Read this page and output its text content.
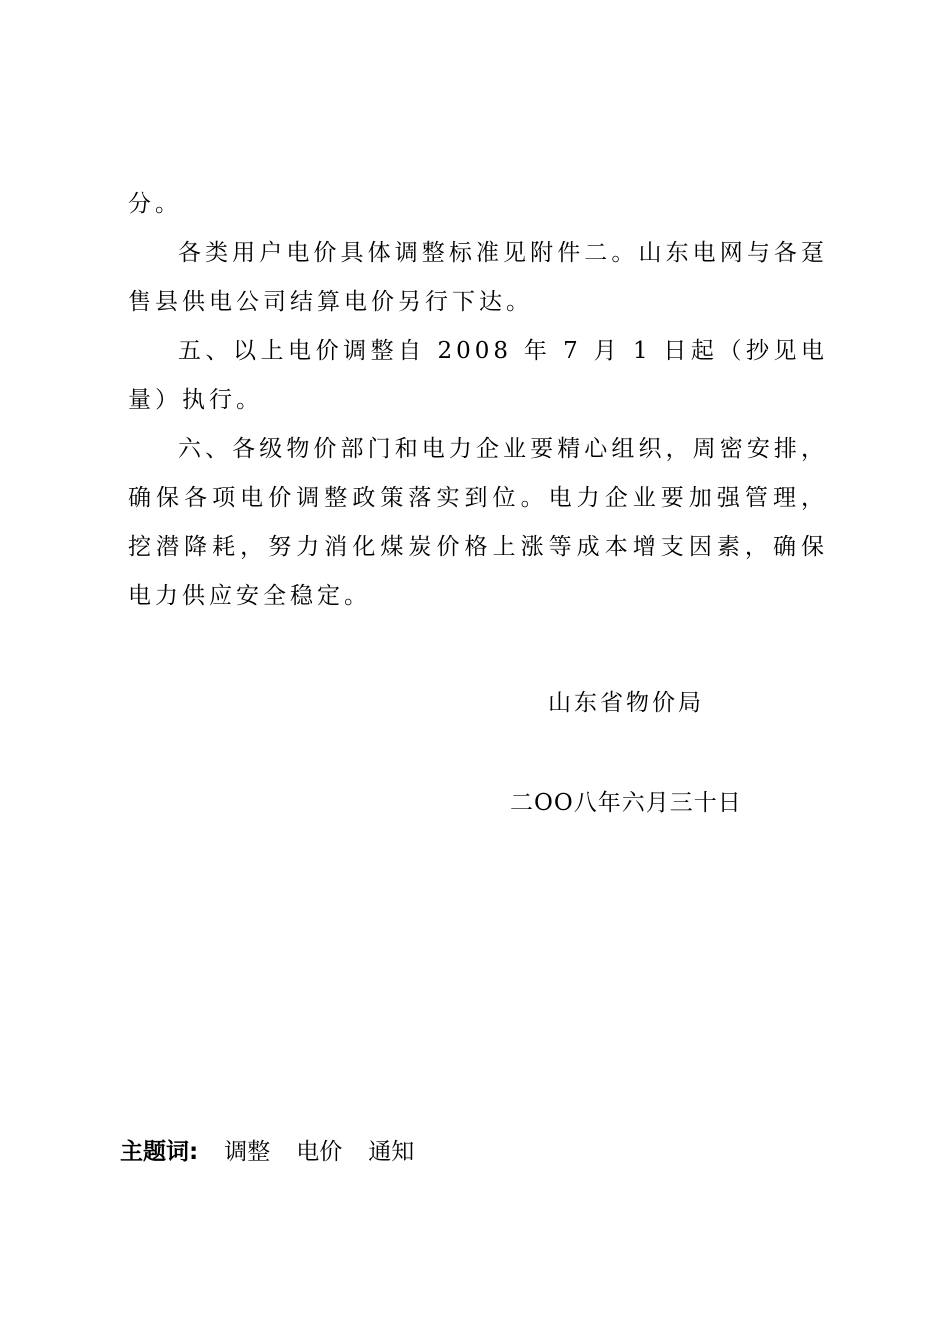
分。

各类用户电价具体调整标准见附件二。山东电网与各趸售县供电公司结算电价另行下达。

五、以上电价调整自 2008 年 7 月 1 日起（抄见电量）执行。

六、各级物价部门和电力企业要精心组织，周密安排，确保各项电价调整政策落实到位。电力企业要加强管理，挖潜降耗，努力消化煤炭价格上涨等成本增支因素，确保电力供应安全稳定。

山东省物价局
二OO八年六月三十日
主题词: 调整 电价 通知
